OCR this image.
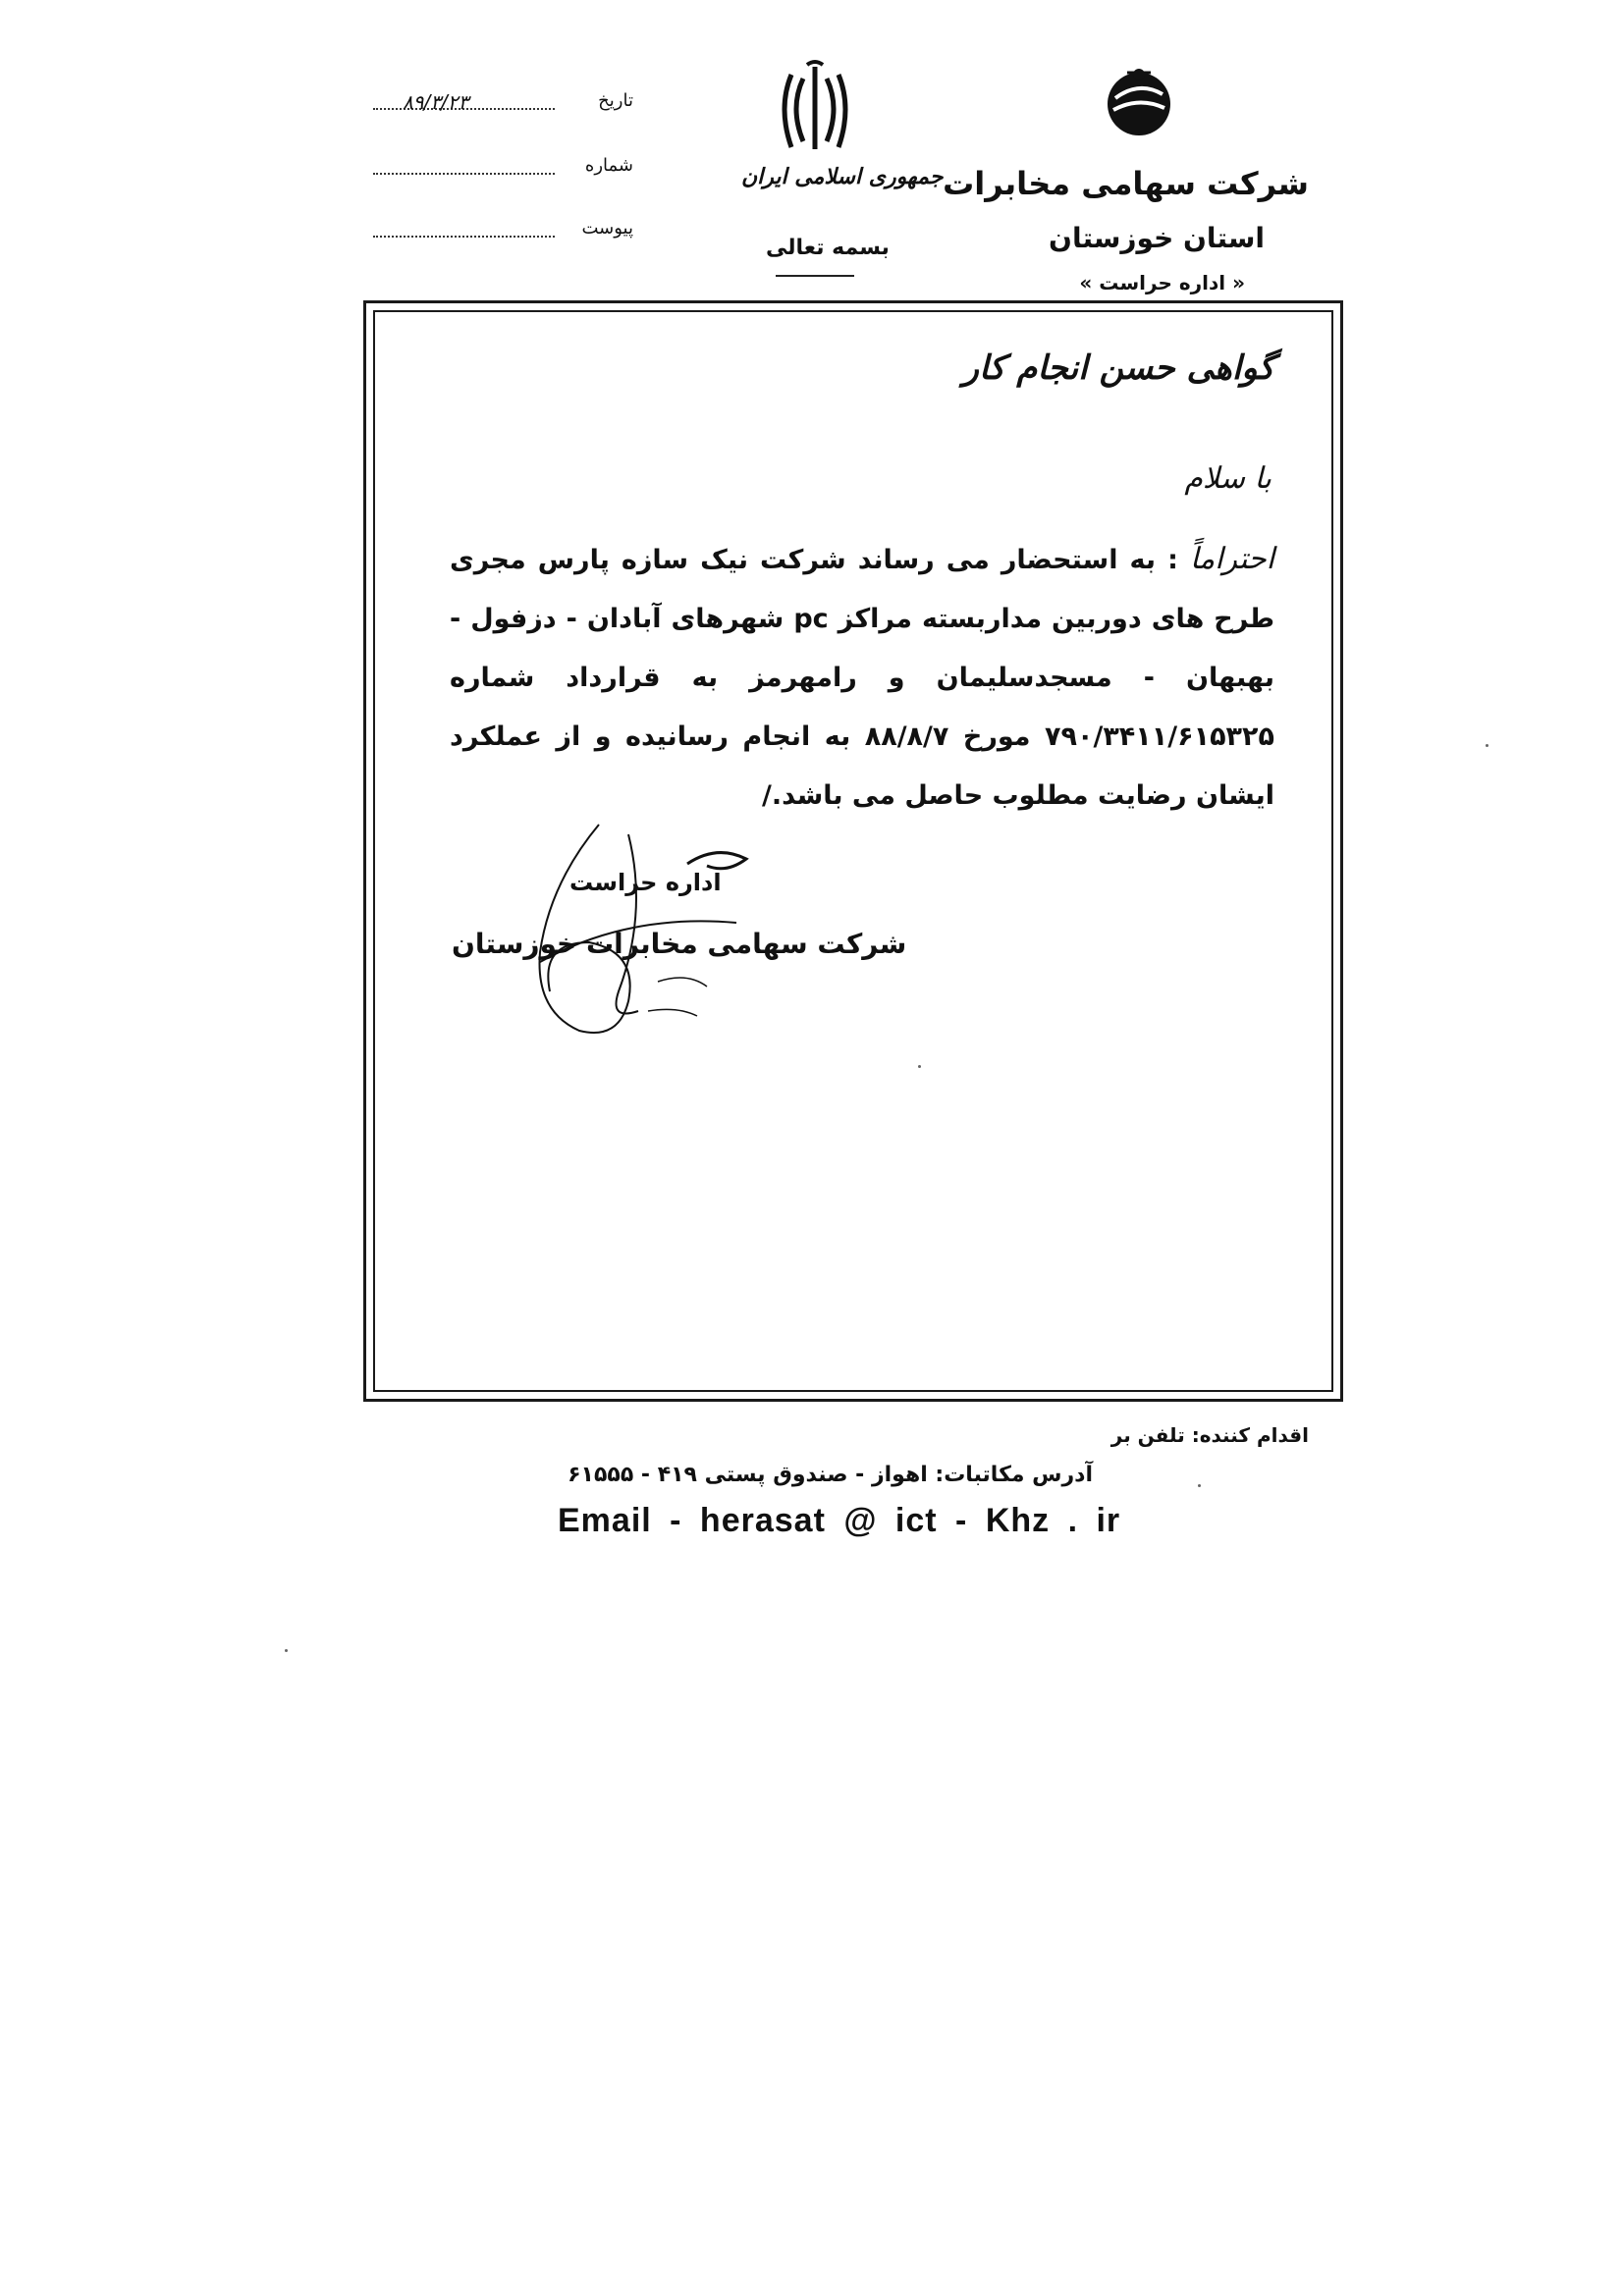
شرکت سهامی مخابرات
استان خوزستان
« اداره حراست »
جمهوری اسلامی ایران
بسمه تعالی
تاریخ
۸۹/۳/۲۳
شماره
پیوست
گواهی حسن انجام کار
با سلام
احتراماً : به استحضار می رساند شرکت نیک سازه پارس مجری طرح های دوربین مداربسته مراکز pc شهرهای آبادان - دزفول - بهبهان - مسجدسلیمان و رامهرمز به قرارداد شماره ۷۹۰/۳۴۱۱/۶۱۵۳۲۵ مورخ ۸۸/۸/۷ به انجام رسانیده و از عملکرد ایشان رضایت مطلوب حاصل می باشد./
اداره حراست
شرکت سهامی مخابرات خوزستان
اقدام کننده: تلفن بر
آدرس مکاتبات: اهواز - صندوق پستی ۴۱۹ - ۶۱۵۵۵
Email - herasat @ ict - Khz . ir
